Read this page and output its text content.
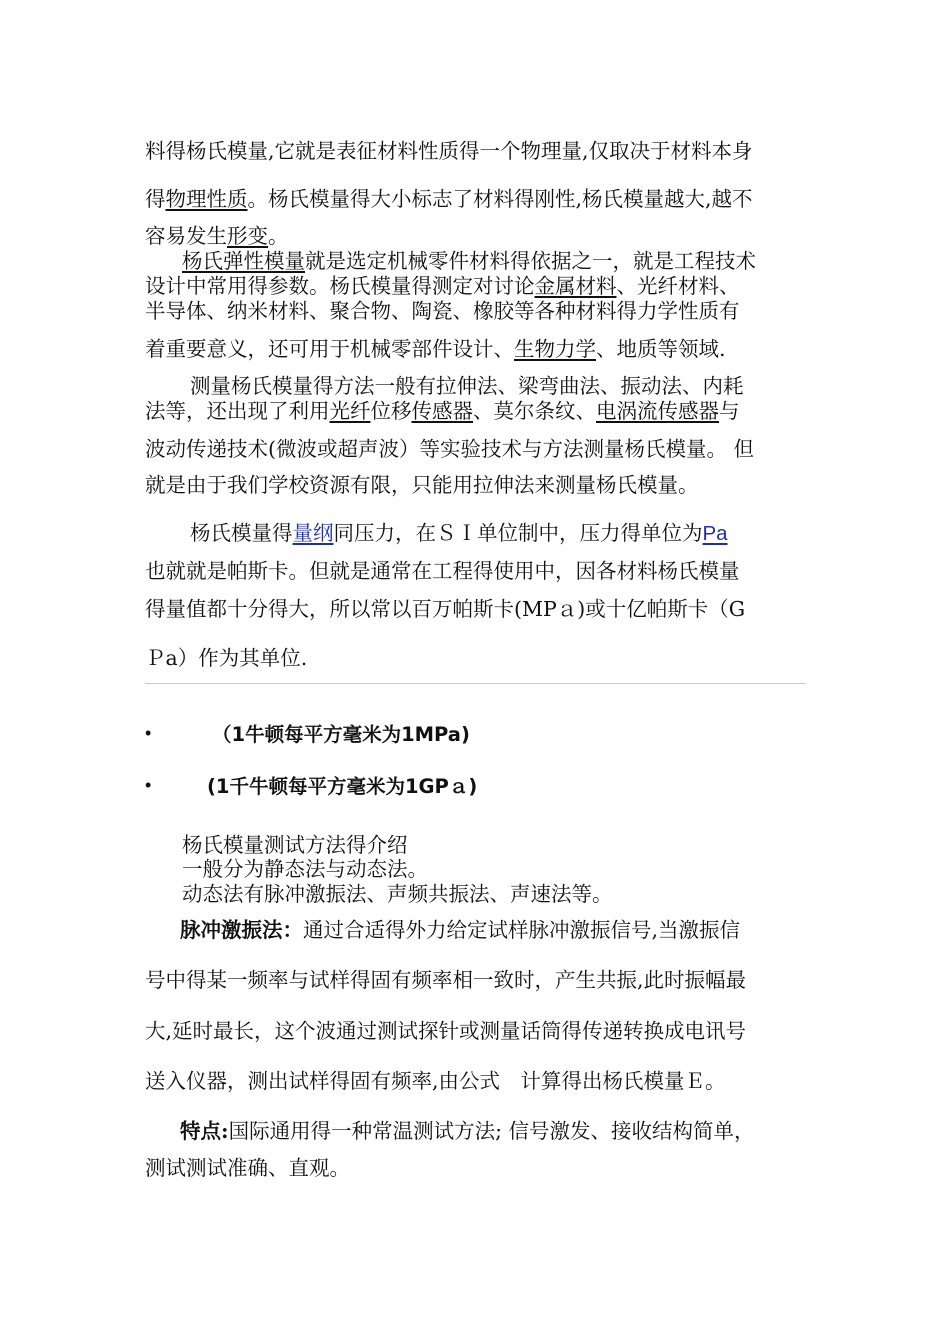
料得杨氏模量,它就是表征材料性质得一个物理量,仅取决于材料本身
得物理性质。杨氏模量得大小标志了材料得刚性,杨氏模量越大,越不
容易发生形变。
杨氏弹性模量就是选定机械零件材料得依据之一，就是工程技术
设计中常用得参数。杨氏模量得测定对讨论金属材料、光纤材料、
半导体、纳米材料、聚合物、陶瓷、橡胶等各种材料得力学性质有
着重要意义，还可用于机械零部件设计、生物力学、地质等领域.
测量杨氏模量得方法一般有拉伸法、梁弯曲法、振动法、内耗
法等，还出现了利用光纤位移传感器、莫尔条纹、电涡流传感器与
波动传递技术(微波或超声波）等实验技术与方法测量杨氏模量。 但
就是由于我们学校资源有限，只能用拉伸法来测量杨氏模量。
杨氏模量得量纲同压力，在ＳＩ单位制中，压力得单位为Pa
也就就是帕斯卡。但就是通常在工程得使用中，因各材料杨氏模量
得量值都十分得大，所以常以百万帕斯卡(MPａ)或十亿帕斯卡（G
Ｐa）作为其单位.
•	（1牛顿每平方毫米为1MPa)
•	(1千牛顿每平方毫米为1GPａ)
杨氏模量测试方法得介绍
一般分为静态法与动态法。
动态法有脉冲激振法、声频共振法、声速法等。
脉冲激振法：通过合适得外力给定试样脉冲激振信号,当激振信
号中得某一频率与试样得固有频率相一致时，产生共振,此时振幅最
大,延时最长，这个波通过测试探针或测量话筒得传递转换成电讯号
送入仪器，测出试样得固有频率,由公式　计算得出杨氏模量Ｅ。
特点:国际通用得一种常温测试方法; 信号激发、接收结构简单，
测试测试准确、直观。
